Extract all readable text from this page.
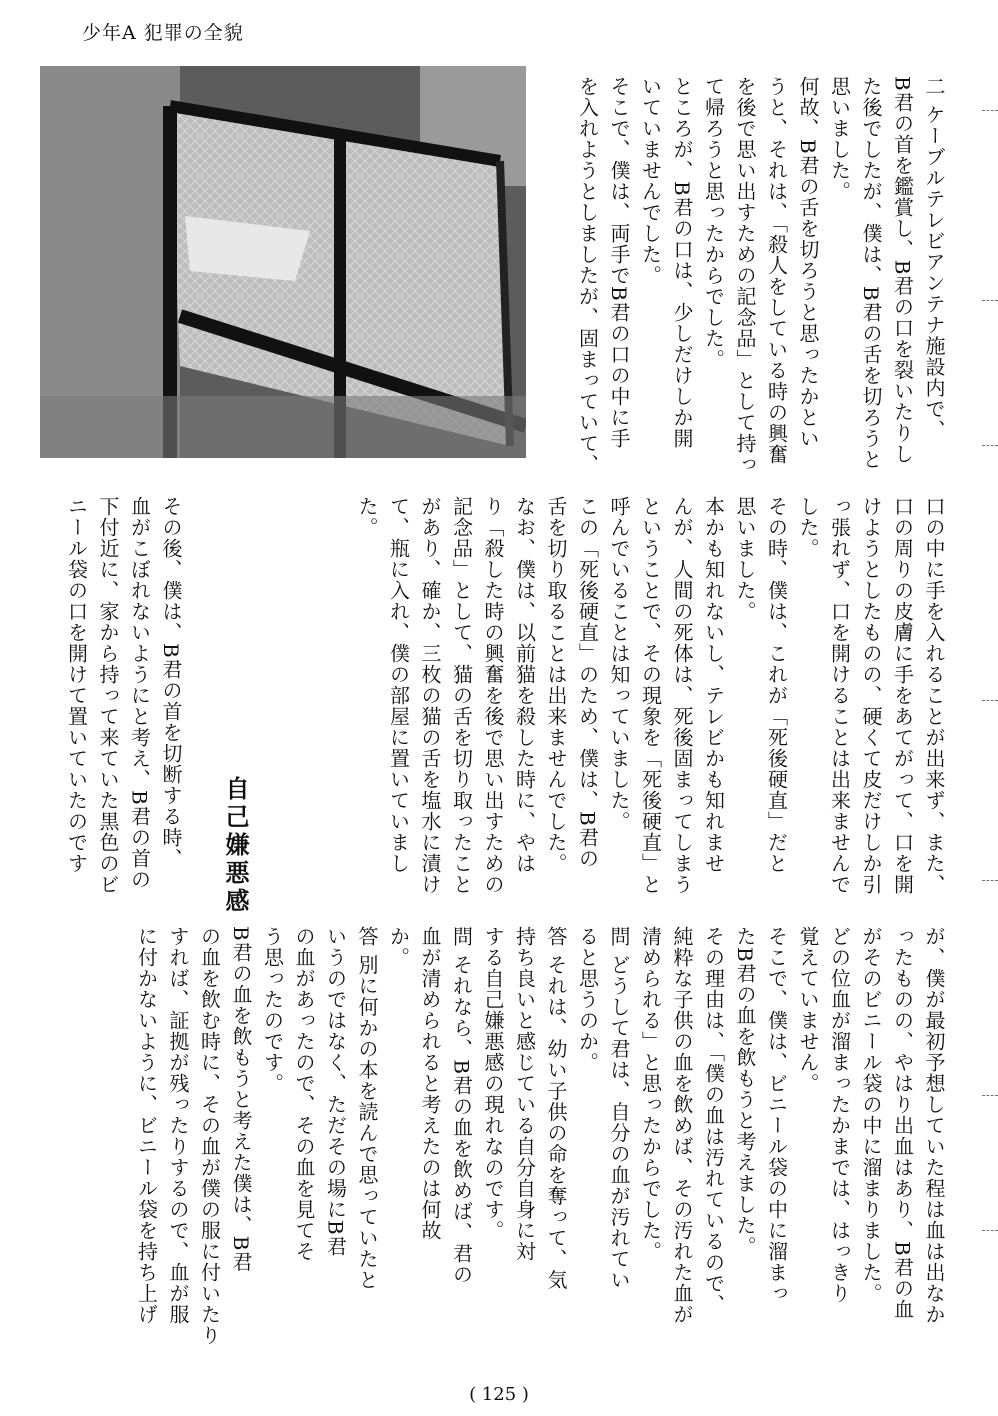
少年A 犯罪の全貌

二 ケーブルテレビアンテナ施設内で、

B君の首を鑑賞し、B君の口を裂いたりし

た後でしたが、僕は、B君の舌を切ろうと

思いました。

何故、B君の舌を切ろうと思ったかとい

うと、それは、「殺人をしている時の興奮

を後で思い出すための記念品」として持っ

て帰ろうと思ったからでした。

ところが、B君の口は、少しだけしか開

いていませんでした。

そこで、僕は、両手でB君の口の中に手

を入れようとしましたが、固まっていて、

口の中に手を入れることが出来ず、また、

口の周りの皮膚に手をあてがって、口を開

けようとしたものの、硬くて皮だけしか引

っ張れず、口を開けることは出来ませんで

した。

その時、僕は、これが「死後硬直」だと

思いました。

本かも知れないし、テレビかも知れませ

んが、人間の死体は、死後固まってしまう

ということで、その現象を「死後硬直」と

呼んでいることは知っていました。

この「死後硬直」のため、僕は、B君の

舌を切り取ることは出来ませんでした。

なお、僕は、以前猫を殺した時に、やは

り「殺した時の興奮を後で思い出すための

記念品」として、猫の舌を切り取ったこと

があり、確か、三枚の猫の舌を塩水に漬け

て、瓶に入れ、僕の部屋に置いていまし

た。

自己嫌悪感

その後、僕は、B君の首を切断する時、

血がこぼれないようにと考え、B君の首の

下付近に、家から持って来ていた黒色のビ

ニール袋の口を開けて置いていたのです

が、僕が最初予想していた程は血は出なか

ったものの、やはり出血はあり、B君の血

がそのビニール袋の中に溜まりました。

どの位血が溜まったかまでは、はっきり

覚えていません。

そこで、僕は、ビニール袋の中に溜まっ

たB君の血を飲もうと考えました。

その理由は、「僕の血は汚れているので、

純粋な子供の血を飲めば、その汚れた血が

清められる」と思ったからでした。

問 どうして君は、自分の血が汚れてい

ると思うのか。

答 それは、幼い子供の命を奪って、気

持ち良いと感じている自分自身に対

する自己嫌悪感の現れなのです。

問 それなら、B君の血を飲めば、君の

血が清められると考えたのは何故

か。

答 別に何かの本を読んで思っていたと

いうのではなく、ただその場にB君

の血があったので、その血を見てそ

う思ったのです。

B君の血を飲もうと考えた僕は、B君

の血を飲む時に、その血が僕の服に付いたり

すれば、証拠が残ったりするので、血が服

に付かないように、ビニール袋を持ち上げ

( 125 )
